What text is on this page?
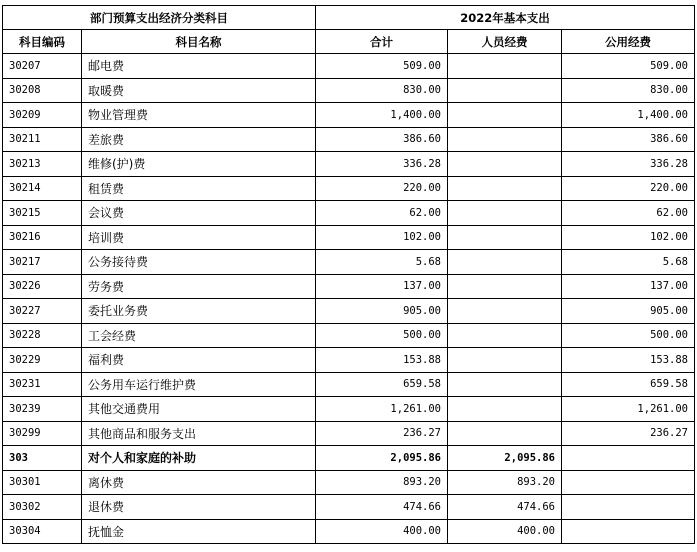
部门预算支出经济分类科目		2022年基本支出		
科目编码	科目名称	合计	人员经费	公用经费
30207	邮电费	509.00		509.00
30208	取暖费	830.00		830.00
30209	物业管理费	1,400.00		1,400.00
30211	差旅费	386.60		386.60
30213	维修(护)费	336.28		336.28
30214	租赁费	220.00		220.00
30215	会议费	62.00		62.00
30216	培训费	102.00		102.00
30217	公务接待费	5.68		5.68
30226	劳务费	137.00		137.00
30227	委托业务费	905.00		905.00
30228	工会经费	500.00		500.00
30229	福利费	153.88		153.88
30231	公务用车运行维护费	659.58		659.58
30239	其他交通费用	1,261.00		1,261.00
30299	其他商品和服务支出	236.27		236.27
303	对个人和家庭的补助	2,095.86	2,095.86	
30301	离休费	893.20	893.20	
30302	退休费	474.66	474.66	
30304	抚恤金	400.00	400.00	
